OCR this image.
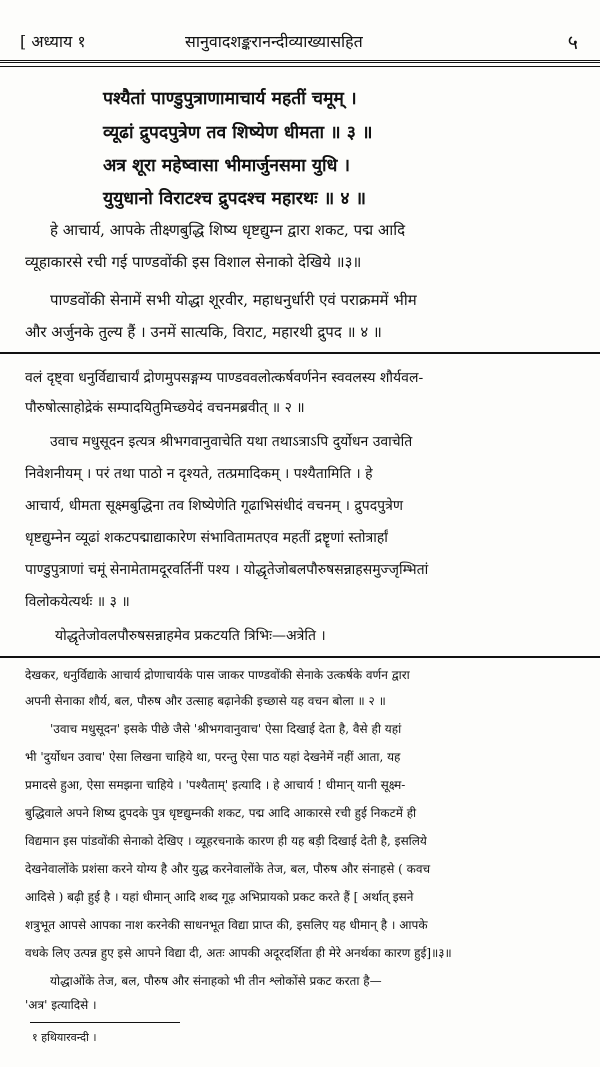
[ अध्याय १	सानुवादशङ्करानन्दीव्याख्यासहित	५
पश्यैतां पाण्डुपुत्राणामाचार्य महतीं चमूम् ।
व्यूढां द्रुपदपुत्रेण तव शिष्येण धीमता ॥ ३ ॥
अत्र शूरा महेष्वासा भीमार्जुनसमा युधि ।
युयुधानो विराटश्च द्रुपदश्च महारथः ॥ ४ ॥
हे आचार्य, आपके तीक्ष्णबुद्धि शिष्य धृष्टद्युम्न द्वारा शकट, पद्म आदि
व्यूहाकारसे रची गई पाण्डवोंकी इस विशाल सेनाको देखिये ॥३॥
पाण्डवोंकी सेनामें सभी योद्धा शूरवीर, महाधनुर्धारी एवं पराक्रममें भीम
और अर्जुनके तुल्य हैं । उनमें सात्यकि, विराट, महारथी द्रुपद ॥ ४ ॥
वलं दृष्ट्वा धनुर्विद्याचार्यं द्रोणमुपसङ्गम्य पाण्डववलोत्कर्षवर्णनेन स्ववलस्य शौर्यवल-
पौरुषोत्साहोद्रेकं सम्पादयितुमिच्छयेदं वचनमब्रवीत् ॥ २ ॥
उवाच मधुसूदन इत्यत्र श्रीभगवानुवाचेति यथा तथाऽत्राऽपि दुर्योधन उवाचेति
निवेशनीयम् । परं तथा पाठो न दृश्यते, तत्प्रमादिकम् । पश्यैतामिति । हे
आचार्य, धीमता सूक्ष्मबुद्धिना तव शिष्येणेति गूढाभिसंधीदं वचनम् । द्रुपदपुत्रेण
धृष्टद्युम्नेन व्यूढां शकटपद्माद्याकारेण संभावितामतएव महतीं द्रष्टॄणां स्तोत्रार्हां
पाण्डुपुत्राणां चमूं सेनामेतामदूरवर्तिनीं पश्य । योद्धृतेजोबलपौरुषसन्नाहसमुज्जृम्भितां
विलोकयेत्यर्थः ॥ ३ ॥
योद्धृतेजोवलपौरुषसन्नाहमेव प्रकटयति त्रिभिः—अत्रेति ।
देखकर, धनुर्विद्याके आचार्य द्रोणाचार्यके पास जाकर पाण्डवोंकी सेनाके उत्कर्षके वर्णन द्वारा
अपनी सेनाका शौर्य, बल, पौरुष और उत्साह बढ़ानेकी इच्छासे यह वचन बोला ॥ २ ॥
'उवाच मधुसूदन' इसके पीछे जैसे 'श्रीभगवानुवाच' ऐसा दिखाई देता है, वैसे ही यहां
भी 'दुर्योधन उवाच' ऐसा लिखना चाहिये था, परन्तु ऐसा पाठ यहां देखनेमें नहीं आता, यह
प्रमादसे हुआ, ऐसा समझना चाहिये । 'पश्यैताम्' इत्यादि । हे आचार्य ! धीमान् यानी सूक्ष्म-
बुद्धिवाले अपने शिष्य द्रुपदके पुत्र धृष्टद्युम्नकी शकट, पद्म आदि आकारसे रची हुई निकटमें ही
विद्यमान इस पांडवोंकी सेनाको देखिए । व्यूहरचनाके कारण ही यह बड़ी दिखाई देती है, इसलिये
देखनेवालोंके प्रशंसा करने योग्य है और युद्ध करनेवालोंके तेज, बल, पौरुष और संनाहसे ( कवच
आदिसे ) बढ़ी हुई है । यहां धीमान् आदि शब्द गूढ़ अभिप्रायको प्रकट करते हैं [ अर्थात् इसने
शत्रुभूत आपसे आपका नाश करनेकी साधनभूत विद्या प्राप्त की, इसलिए यह धीमान् है । आपके
वधके लिए उत्पन्न हुए इसे आपने विद्या दी, अतः आपकी अदूरदर्शिता ही मेरे अनर्थका कारण हुई]॥३॥
योद्धाओंके तेज, बल, पौरुष और संनाहको भी तीन श्लोकोंसे प्रकट करता है—
'अत्र' इत्यादिसे ।
१ हथियारवन्दी ।
